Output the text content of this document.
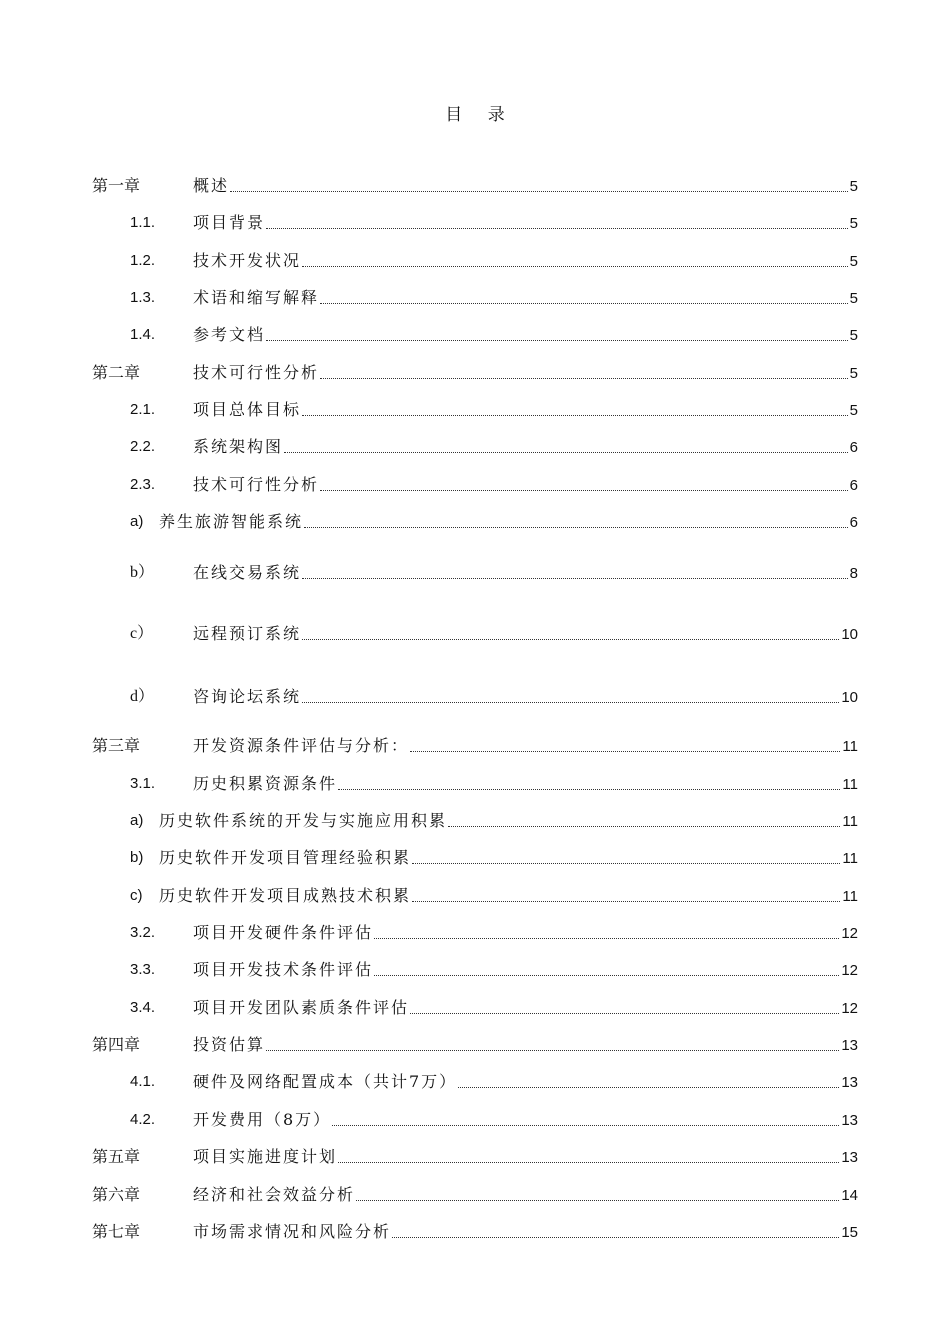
目 录
第一章	概述	5
1.1. 项目背景	5
1.2. 技术开发状况	5
1.3. 术语和缩写解释	5
1.4. 参考文档	5
第二章	技术可行性分析	5
2.1. 项目总体目标	5
2.2. 系统架构图	6
2.3. 技术可行性分析	6
a) 养生旅游智能系统	6
b） 在线交易系统	8
c） 远程预订系统	10
d） 咨询论坛系统	10
第三章	开发资源条件评估与分析：	11
3.1. 历史积累资源条件	11
a) 历史软件系统的开发与实施应用积累	11
b) 历史软件开发项目管理经验积累	11
c) 历史软件开发项目成熟技术积累	11
3.2. 项目开发硬件条件评估	12
3.3. 项目开发技术条件评估	12
3.4. 项目开发团队素质条件评估	12
第四章	投资估算	13
4.1. 硬件及网络配置成本（共计7万）	13
4.2. 开发费用（8万）	13
第五章	项目实施进度计划	13
第六章	经济和社会效益分析	14
第七章	市场需求情况和风险分析	15
